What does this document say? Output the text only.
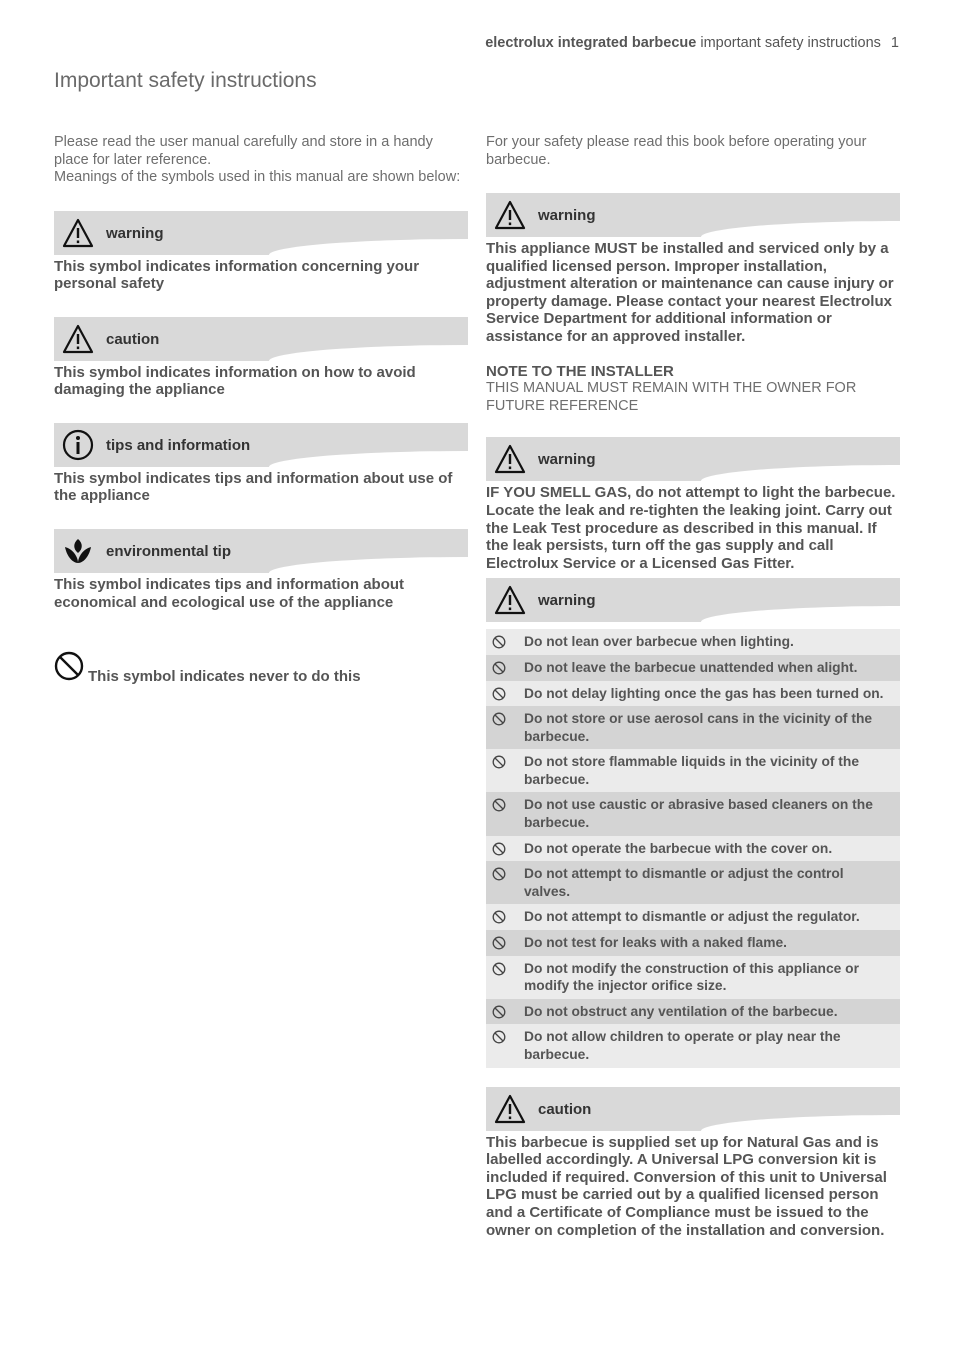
electrolux integrated barbecue important safety instructions 1
Important safety instructions

Please read the user manual carefully and store in a handy place for later reference.

Meanings of the symbols used in this manual are shown below:

warning

This symbol indicates information concerning your personal safety

caution

This symbol indicates information on how to avoid damaging the appliance

tips and information

This symbol indicates tips and information about use of the appliance

environmental tip

This symbol indicates tips and information about economical and ecological use of the appliance

This symbol indicates never to do this

For your safety please read this book before operating your barbecue.

warning

This appliance MUST be installed and serviced only by a qualified licensed person. Improper installation, adjustment alteration or maintenance can cause injury or property damage. Please contact your nearest Electrolux Service Department for additional information or assistance for an approved installer.

NOTE TO THE INSTALLER

THIS MANUAL MUST REMAIN WITH THE OWNER FOR FUTURE REFERENCE

warning

IF YOU SMELL GAS, do not attempt to light the barbecue. Locate the leak and re-tighten the leaking joint. Carry out the Leak Test procedure as described in this manual. If the leak persists, turn off the gas supply and call Electrolux Service or a Licensed Gas Fitter.

warning
Do not lean over barbecue when lighting.
Do not leave the barbecue unattended when alight.
Do not delay lighting once the gas has been turned on.
Do not store or use aerosol cans in the vicinity of the barbecue.
Do not store flammable liquids in the vicinity of the barbecue.
Do not use caustic or abrasive based cleaners on the barbecue.
Do not operate the barbecue with the cover on.
Do not attempt to dismantle or adjust the control valves.
Do not attempt to dismantle or adjust the regulator.
Do not test for leaks with a naked flame.
Do not modify the construction of this appliance or modify the injector orifice size.
Do not obstruct any ventilation of the barbecue.
Do not allow children to operate or play near the barbecue.
caution

This barbecue is supplied set up for Natural Gas and is labelled accordingly. A Universal LPG conversion kit is included if required. Conversion of this unit to Universal LPG must be carried out by a qualified licensed person and a Certificate of Compliance must be issued to the owner on completion of the installation and conversion.
